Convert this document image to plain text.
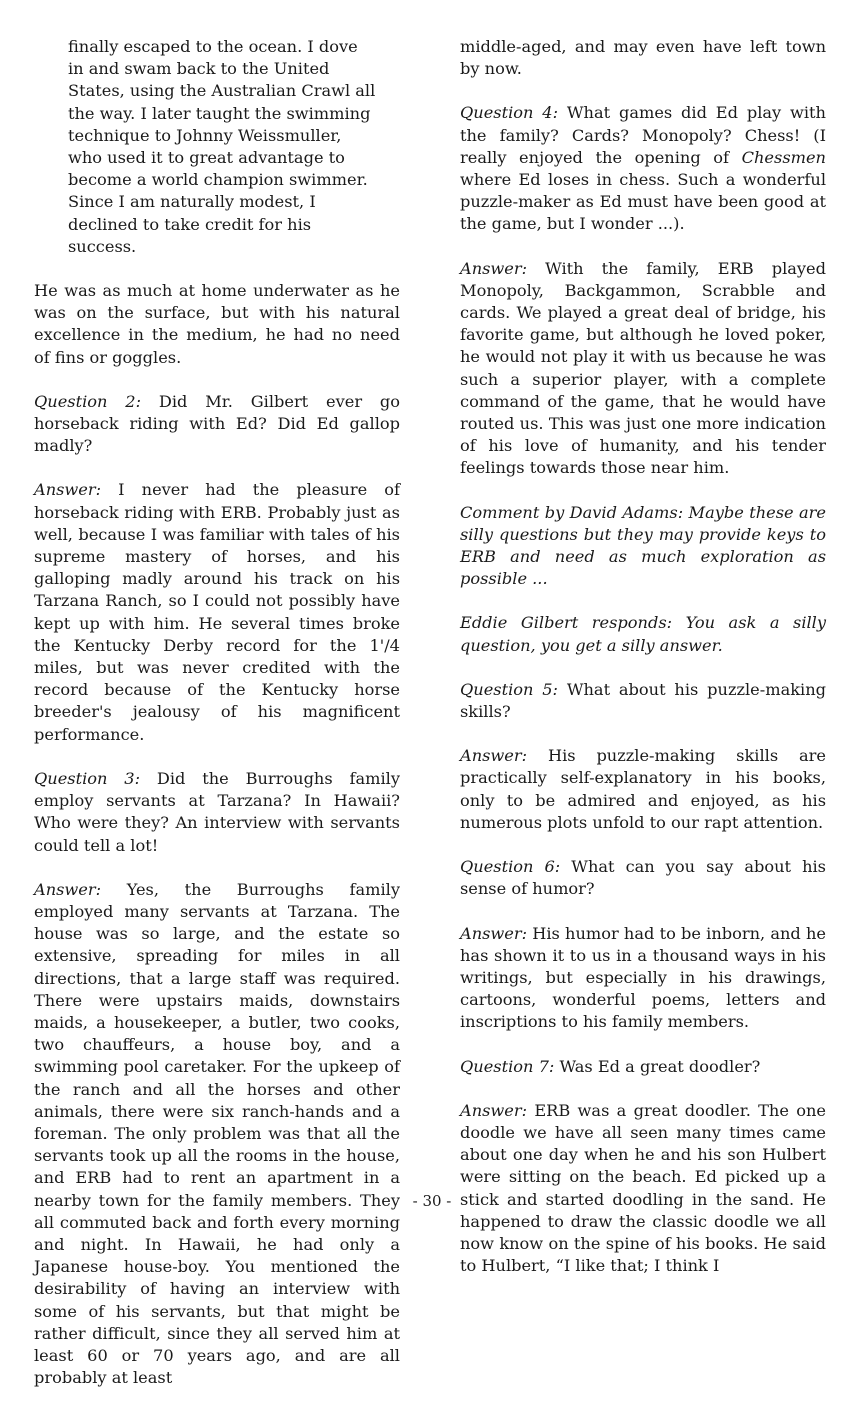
finally escaped to the ocean. I dove in and swam back to the United States, using the Australian Crawl all the way. I later taught the swimming technique to Johnny Weissmuller, who used it to great advantage to become a world champion swimmer. Since I am naturally modest, I declined to take credit for his success.

He was as much at home underwater as he was on the surface, but with his natural excellence in the medium, he had no need of fins or goggles.

Question 2: Did Mr. Gilbert ever go horseback riding with Ed? Did Ed gallop madly?

Answer: I never had the pleasure of horseback riding with ERB. Probably just as well, because I was familiar with tales of his supreme mastery of horses, and his galloping madly around his track on his Tarzana Ranch, so I could not possibly have kept up with him. He several times broke the Kentucky Derby record for the 1'/4 miles, but was never credited with the record because of the Kentucky horse breeder's jealousy of his magnificent performance.

Question 3: Did the Burroughs family employ servants at Tarzana? In Hawaii? Who were they? An interview with servants could tell a lot!

Answer: Yes, the Burroughs family employed many servants at Tarzana. The house was so large, and the estate so extensive, spreading for miles in all directions, that a large staff was required. There were upstairs maids, downstairs maids, a housekeeper, a butler, two cooks, two chauffeurs, a house boy, and a swimming pool caretaker. For the upkeep of the ranch and all the horses and other animals, there were six ranch-hands and a foreman. The only problem was that all the servants took up all the rooms in the house, and ERB had to rent an apartment in a nearby town for the family members. They all commuted back and forth every morning and night. In Hawaii, he had only a Japanese house-boy. You mentioned the desirability of having an interview with some of his servants, but that might be rather difficult, since they all served him at least 60 or 70 years ago, and are all probably at least

middle-aged, and may even have left town by now.

Question 4: What games did Ed play with the family? Cards? Monopoly? Chess! (I really enjoyed the opening of Chessmen where Ed loses in chess. Such a wonderful puzzle-maker as Ed must have been good at the game, but I wonder ...).

Answer: With the family, ERB played Monopoly, Backgammon, Scrabble and cards. We played a great deal of bridge, his favorite game, but although he loved poker, he would not play it with us because he was such a superior player, with a complete command of the game, that he would have routed us. This was just one more indication of his love of humanity, and his tender feelings towards those near him.

Comment by David Adams: Maybe these are silly questions but they may provide keys to ERB and need as much exploration as possible ...

Eddie Gilbert responds: You ask a silly question, you get a silly answer.

Question 5: What about his puzzle-making skills?

Answer: His puzzle-making skills are practically self-explanatory in his books, only to be admired and enjoyed, as his numerous plots unfold to our rapt attention.

Question 6: What can you say about his sense of humor?

Answer: His humor had to be inborn, and he has shown it to us in a thousand ways in his writings, but especially in his drawings, cartoons, wonderful poems, letters and inscriptions to his family members.

Question 7: Was Ed a great doodler?

Answer: ERB was a great doodler. The one doodle we have all seen many times came about one day when he and his son Hulbert were sitting on the beach. Ed picked up a stick and started doodling in the sand. He happened to draw the classic doodle we all now know on the spine of his books. He said to Hulbert, “I like that; I think I

- 30 -
